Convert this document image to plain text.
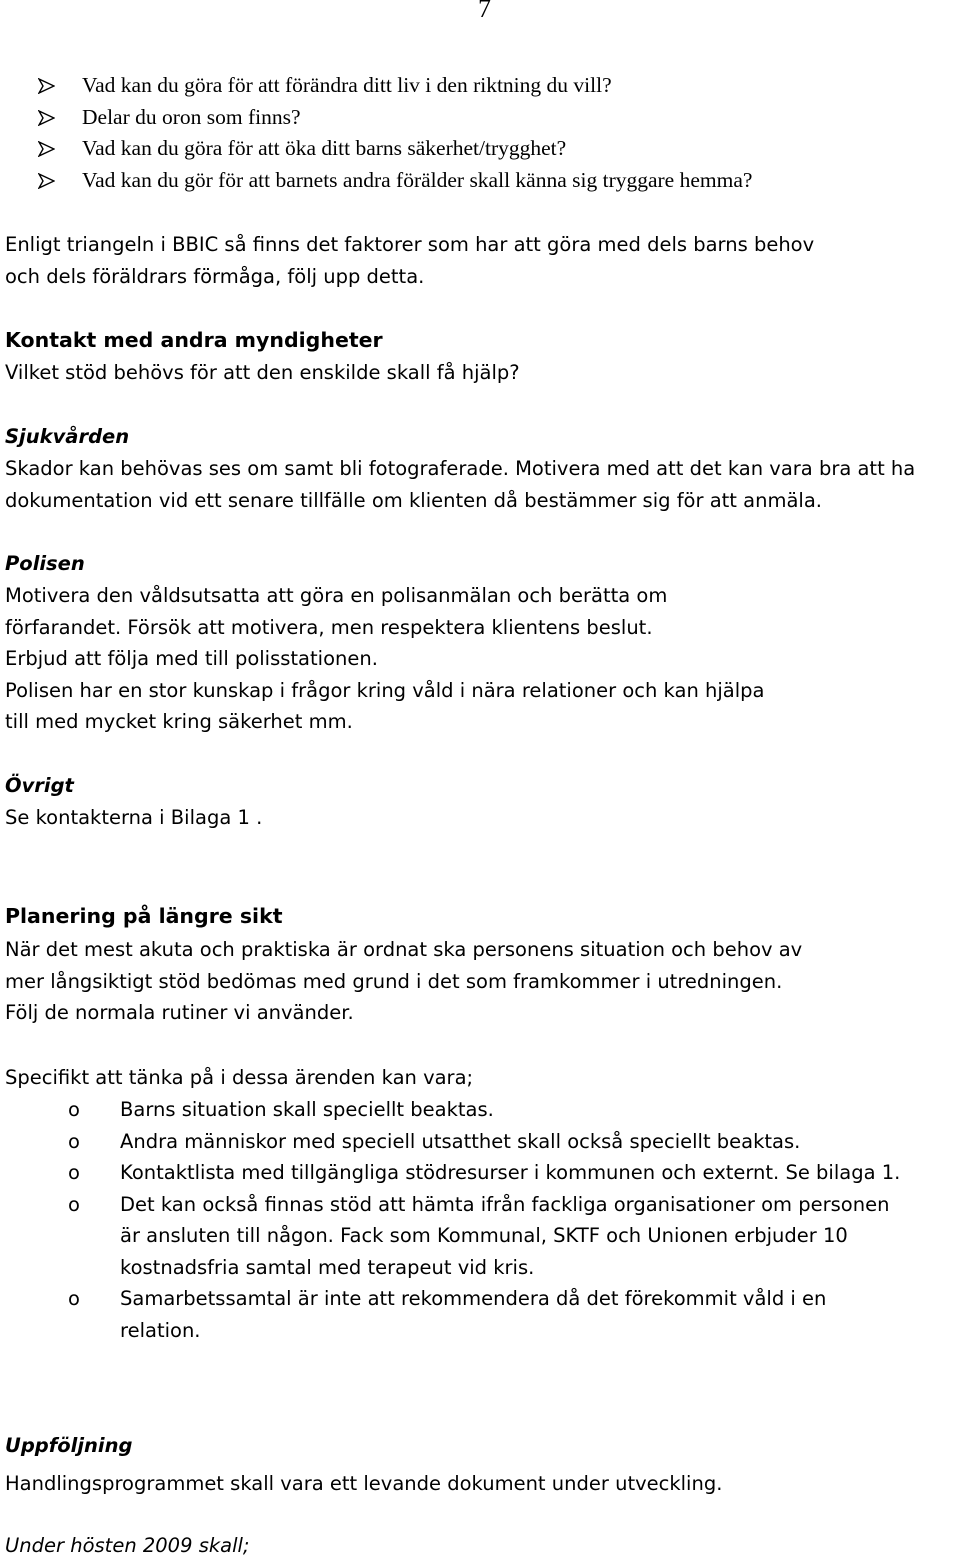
7
Vad kan du göra för att förändra ditt liv i den riktning du vill?
Delar du oron som finns?
Vad kan du göra för att öka ditt barns säkerhet/trygghet?
Vad kan du gör för att barnets andra förälder skall känna sig tryggare hemma?
Enligt triangeln i BBIC så finns det faktorer som har att göra med dels barns behov
och dels föräldrars förmåga, följ upp detta.
Kontakt med andra myndigheter
Vilket stöd behövs för att den enskilde skall få hjälp?
Sjukvården
Skador kan behövas ses om samt bli fotograferade. Motivera med att det kan vara bra att ha
dokumentation vid ett senare tillfälle om klienten då bestämmer sig för att anmäla.
Polisen
Motivera den våldsutsatta att göra en polisanmälan och berätta om
förfarandet. Försök att motivera, men respektera klientens beslut.
Erbjud att följa med till polisstationen.
Polisen har en stor kunskap i frågor kring våld i nära relationer och kan hjälpa
till med mycket kring säkerhet mm.
Övrigt
Se kontakterna i Bilaga 1 .
Planering på längre sikt
När det mest akuta och praktiska är ordnat ska personens situation och behov av
mer långsiktigt stöd bedömas med grund i det som framkommer i utredningen.
Följ de normala rutiner vi använder.
Specifikt att tänka på i dessa ärenden kan vara;
o Barns situation skall speciellt beaktas.
o Andra människor med speciell utsatthet skall också speciellt beaktas.
o Kontaktlista med tillgängliga stödresurser i kommunen och externt. Se bilaga 1.
o Det kan också finnas stöd att hämta ifrån fackliga organisationer om personen
är ansluten till någon. Fack som Kommunal, SKTF och Unionen erbjuder 10
kostnadsfria samtal med terapeut vid kris.
o Samarbetssamtal är inte att rekommendera då det förekommit våld i en
relation.
Uppföljning
Handlingsprogrammet skall vara ett levande dokument under utveckling.
Under hösten 2009 skall;
